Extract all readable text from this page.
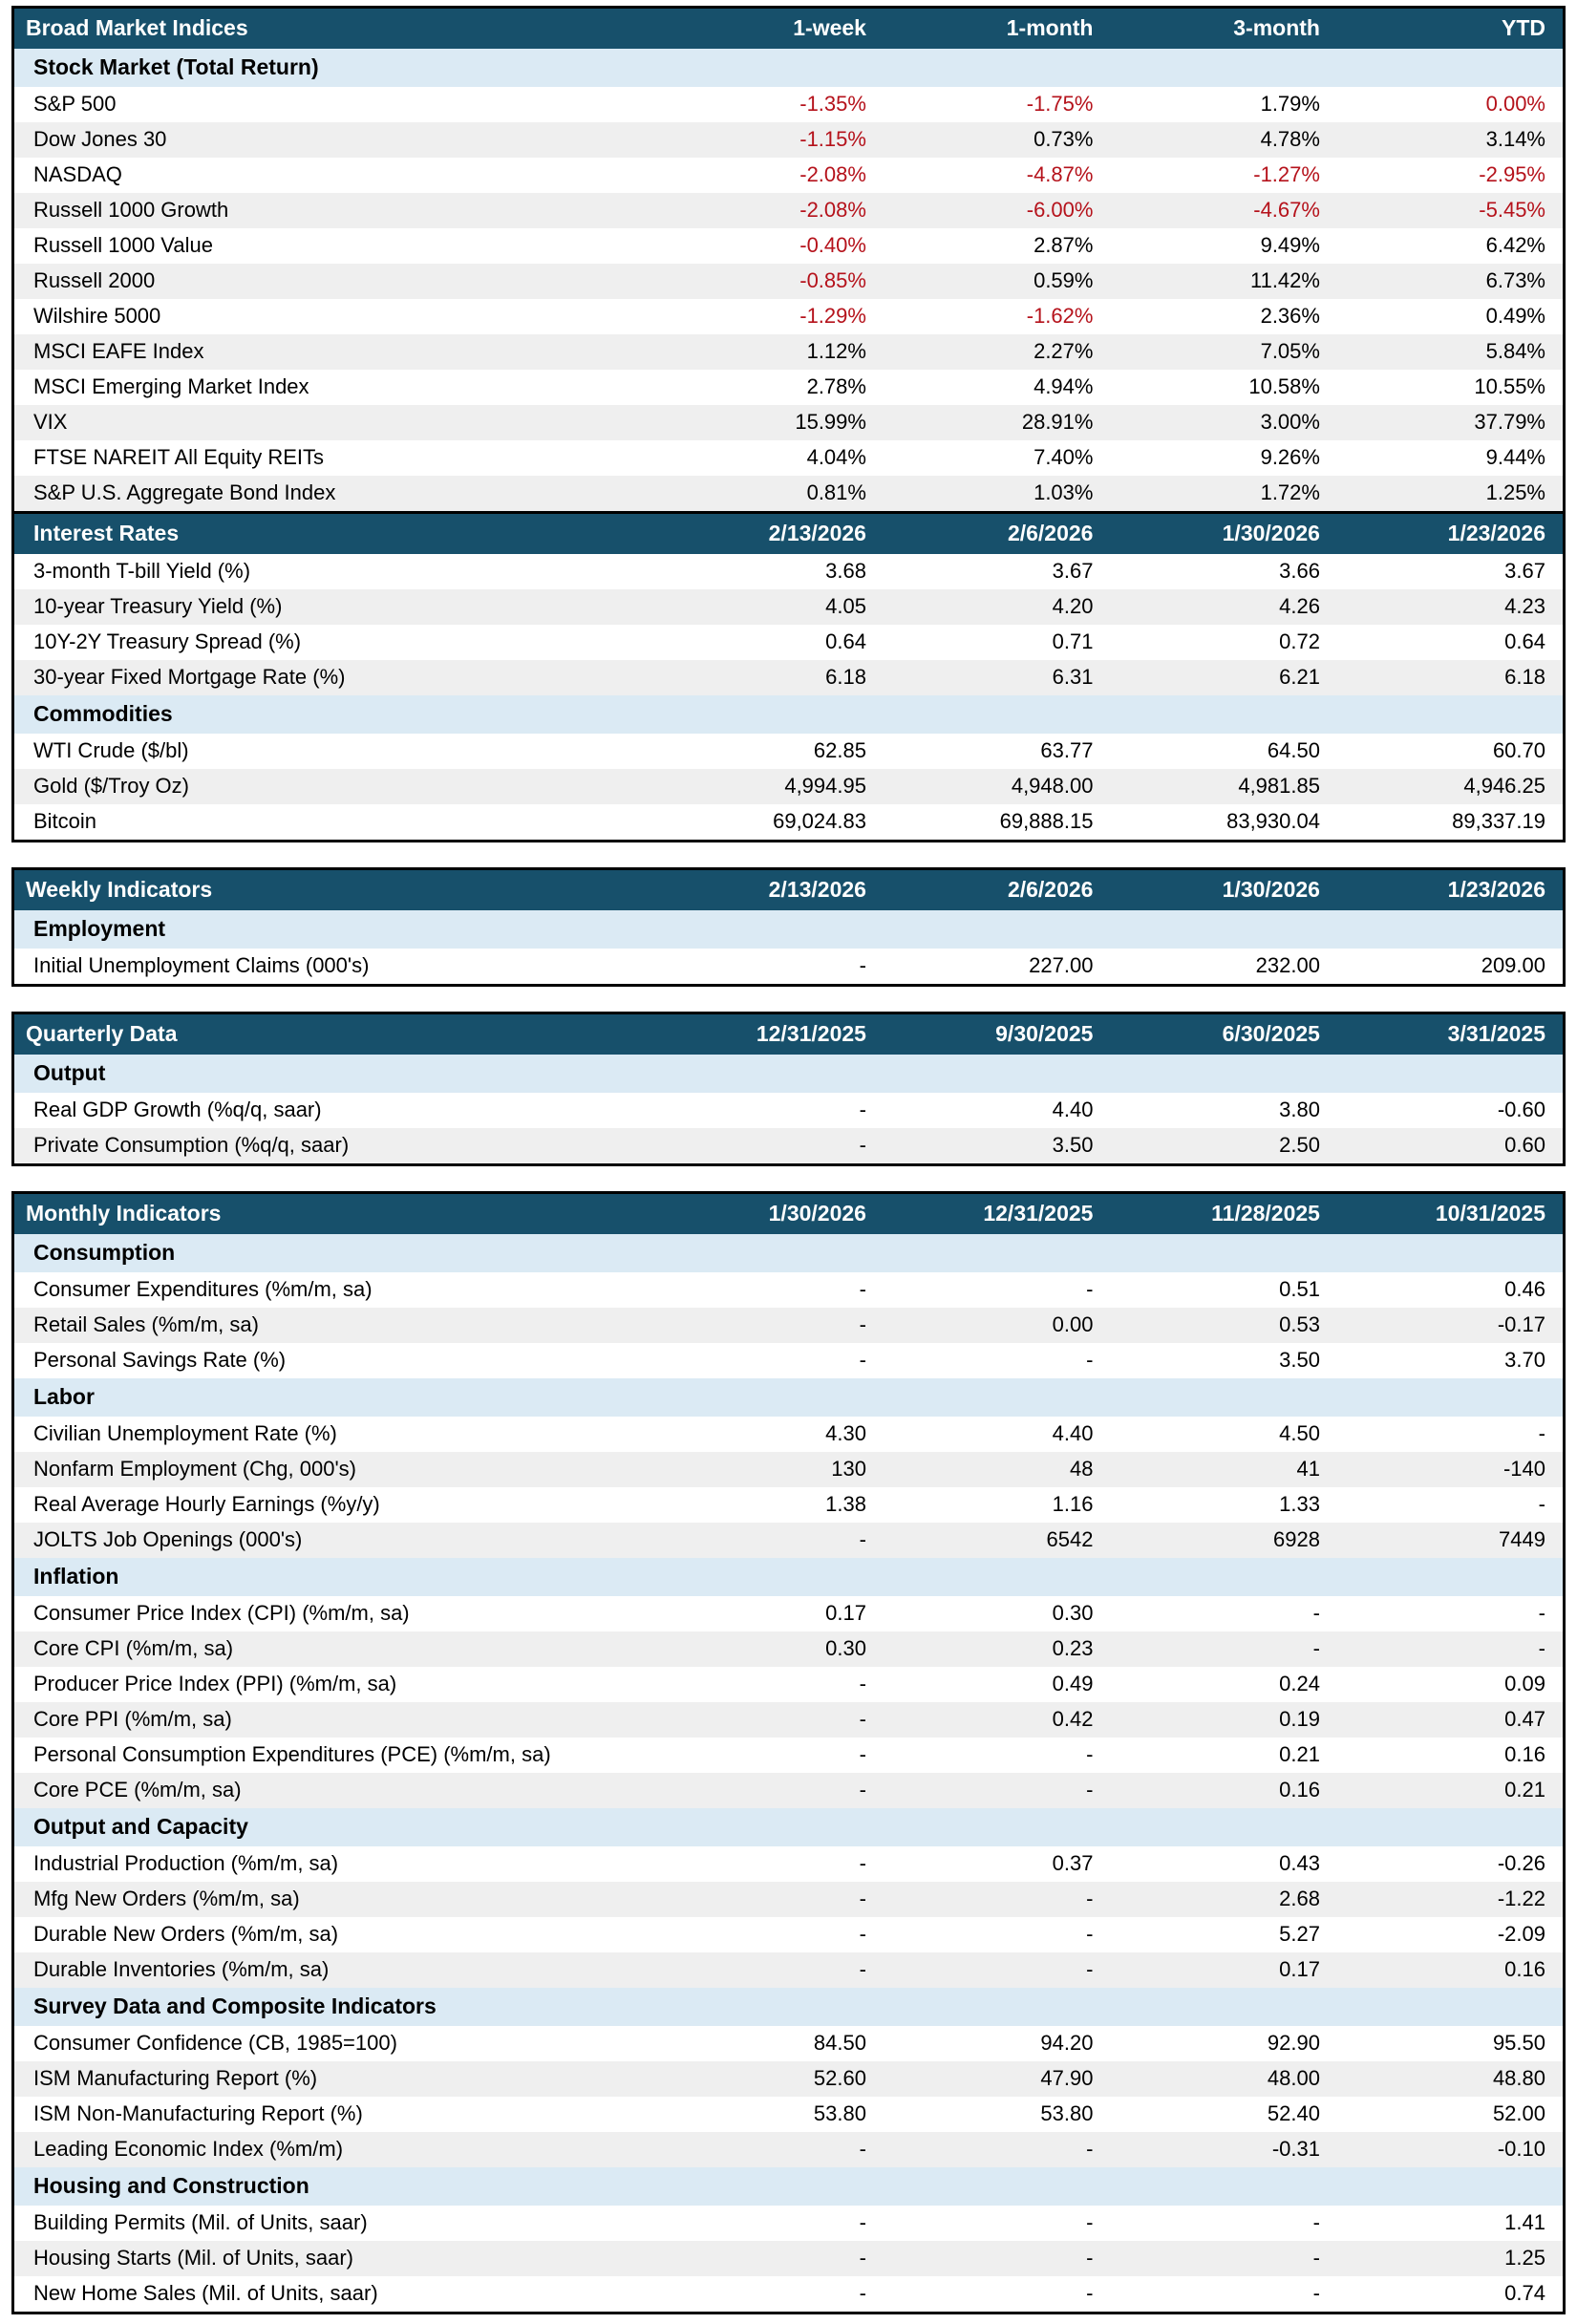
Broad Market Indices	1-week	1-month	3-month	YTD
Stock Market (Total Return)				
S&P 500	-1.35%	-1.75%	1.79%	0.00%
Dow Jones 30	-1.15%	0.73%	4.78%	3.14%
NASDAQ	-2.08%	-4.87%	-1.27%	-2.95%
Russell 1000 Growth	-2.08%	-6.00%	-4.67%	-5.45%
Russell 1000 Value	-0.40%	2.87%	9.49%	6.42%
Russell 2000	-0.85%	0.59%	11.42%	6.73%
Wilshire 5000	-1.29%	-1.62%	2.36%	0.49%
MSCI EAFE Index	1.12%	2.27%	7.05%	5.84%
MSCI Emerging Market Index	2.78%	4.94%	10.58%	10.55%
VIX	15.99%	28.91%	3.00%	37.79%
FTSE NAREIT All Equity REITs	4.04%	7.40%	9.26%	9.44%
S&P U.S. Aggregate Bond Index	0.81%	1.03%	1.72%	1.25%

Interest Rates	2/13/2026	2/6/2026	1/30/2026	1/23/2026
3-month T-bill Yield (%)	3.68	3.67	3.66	3.67
10-year Treasury Yield (%)	4.05	4.20	4.26	4.23
10Y-2Y Treasury Spread (%)	0.64	0.71	0.72	0.64
30-year Fixed Mortgage Rate (%)	6.18	6.31	6.21	6.18
Commodities				
WTI Crude ($/bl)	62.85	63.77	64.50	60.70
Gold ($/Troy Oz)	4,994.95	4,948.00	4,981.85	4,946.25
Bitcoin	69,024.83	69,888.15	83,930.04	89,337.19
Weekly Indicators	2/13/2026	2/6/2026	1/30/2026	1/23/2026
Employment				
Initial Unemployment Claims (000's)	-	227.00	232.00	209.00
Quarterly Data	12/31/2025	9/30/2025	6/30/2025	3/31/2025
Output				
Real GDP Growth (%q/q, saar)	-	4.40	3.80	-0.60
Private Consumption (%q/q, saar)	-	3.50	2.50	0.60
Monthly Indicators	1/30/2026	12/31/2025	11/28/2025	10/31/2025
Consumption				
Consumer Expenditures (%m/m, sa)	-	-	0.51	0.46
Retail Sales (%m/m, sa)	-	0.00	0.53	-0.17
Personal Savings Rate (%)	-	-	3.50	3.70
Labor				
Civilian Unemployment Rate (%)	4.30	4.40	4.50	-
Nonfarm Employment (Chg, 000's)	130	48	41	-140
Real Average Hourly Earnings (%y/y)	1.38	1.16	1.33	-
JOLTS Job Openings (000's)	-	6542	6928	7449
Inflation				
Consumer Price Index (CPI) (%m/m, sa)	0.17	0.30	-	-
Core CPI (%m/m, sa)	0.30	0.23	-	-
Producer Price Index (PPI) (%m/m, sa)	-	0.49	0.24	0.09
Core PPI (%m/m, sa)	-	0.42	0.19	0.47
Personal Consumption Expenditures (PCE) (%m/m, sa)	-	-	0.21	0.16
Core PCE (%m/m, sa)	-	-	0.16	0.21
Output and Capacity				
Industrial Production (%m/m, sa)	-	0.37	0.43	-0.26
Mfg New Orders (%m/m, sa)	-	-	2.68	-1.22
Durable New Orders (%m/m, sa)	-	-	5.27	-2.09
Durable Inventories (%m/m, sa)	-	-	0.17	0.16
Survey Data and Composite Indicators				
Consumer Confidence (CB, 1985=100)	84.50	94.20	92.90	95.50
ISM Manufacturing Report (%)	52.60	47.90	48.00	48.80
ISM Non-Manufacturing Report (%)	53.80	53.80	52.40	52.00
Leading Economic Index (%m/m)	-	-	-0.31	-0.10
Housing and Construction				
Building Permits (Mil. of Units, saar)	-	-	-	1.41
Housing Starts (Mil. of Units, saar)	-	-	-	1.25
New Home Sales (Mil. of Units, saar)	-	-	-	0.74
